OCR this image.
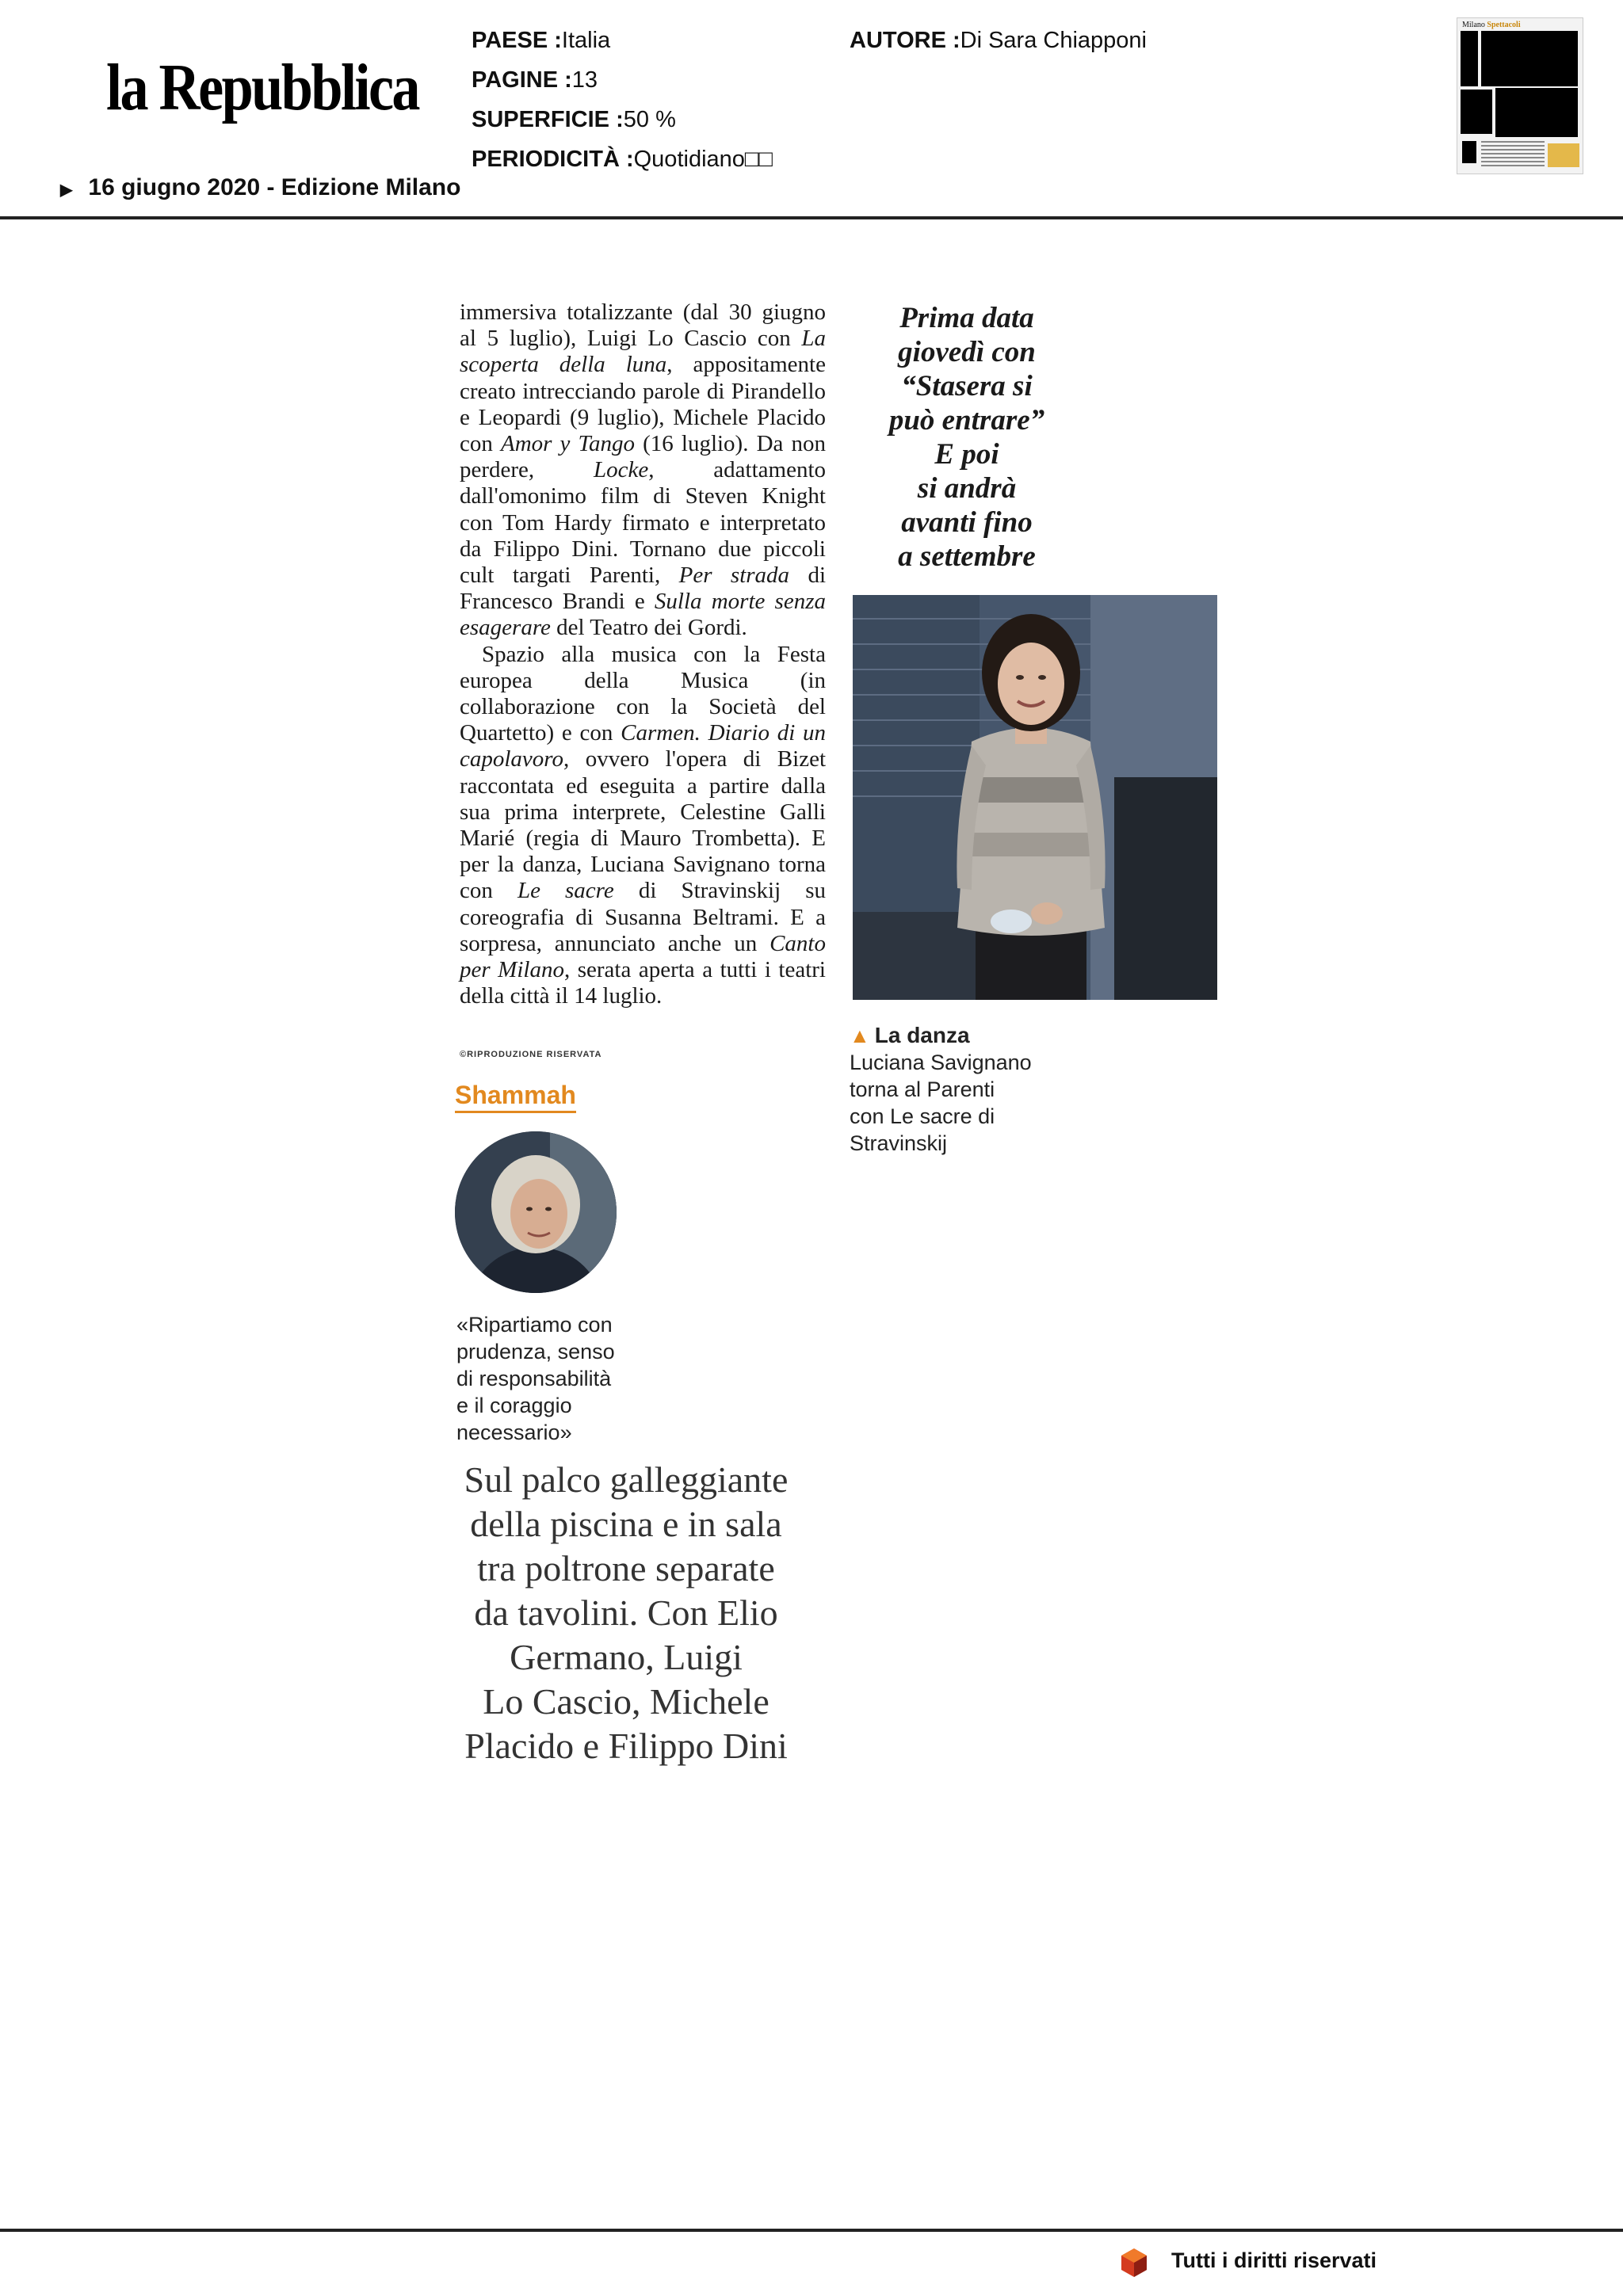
la Repubblica
PAESE :Italia
PAGINE :13
SUPERFICIE :50 %
PERIODICITÀ :Quotidiano□□
AUTORE :Di Sara Chiapponi
▶ 16 giugno 2020 - Edizione Milano
Milano Spettacoli

immersiva totalizzante (dal 30 giugno al 5 luglio), Luigi Lo Cascio con La scoperta della luna, appositamente creato intrecciando parole di Pirandello e Leopardi (9 luglio), Michele Placido con Amor y Tango (16 luglio). Da non perdere, Locke, adattamento dall'omonimo film di Steven Knight con Tom Hardy firmato e interpretato da Filippo Dini. Tornano due piccoli cult targati Parenti, Per strada di Francesco Brandi e Sulla morte senza esagerare del Teatro dei Gordi.

Spazio alla musica con la Festa europea della Musica (in collaborazione con la Società del Quartetto) e con Carmen. Diario di un capolavoro, ovvero l'opera di Bizet raccontata ed eseguita a partire dalla sua prima interprete, Celestine Galli Marié (regia di Mauro Trombetta). E per la danza, Luciana Savignano torna con Le sacre di Stravinskij su coreografia di Susanna Beltrami. E a sorpresa, annunciato anche un Canto per Milano, serata aperta a tutti i teatri della città il 14 luglio.

©RIPRODUZIONE RISERVATA
Prima data
giovedì con
“Stasera si
può entrare”
E poi
si andrà
avanti fino
a settembre
▲ La danza
Luciana Savignano
torna al Parenti
con Le sacre di
Stravinskij
Shammah
«Ripartiamo con
prudenza, senso
di responsabilità
e il coraggio
necessario»
Sul palco galleggiante
della piscina e in sala
tra poltrone separate
da tavolini. Con Elio
Germano, Luigi
Lo Cascio, Michele
Placido e Filippo Dini
Tutti i diritti riservati
